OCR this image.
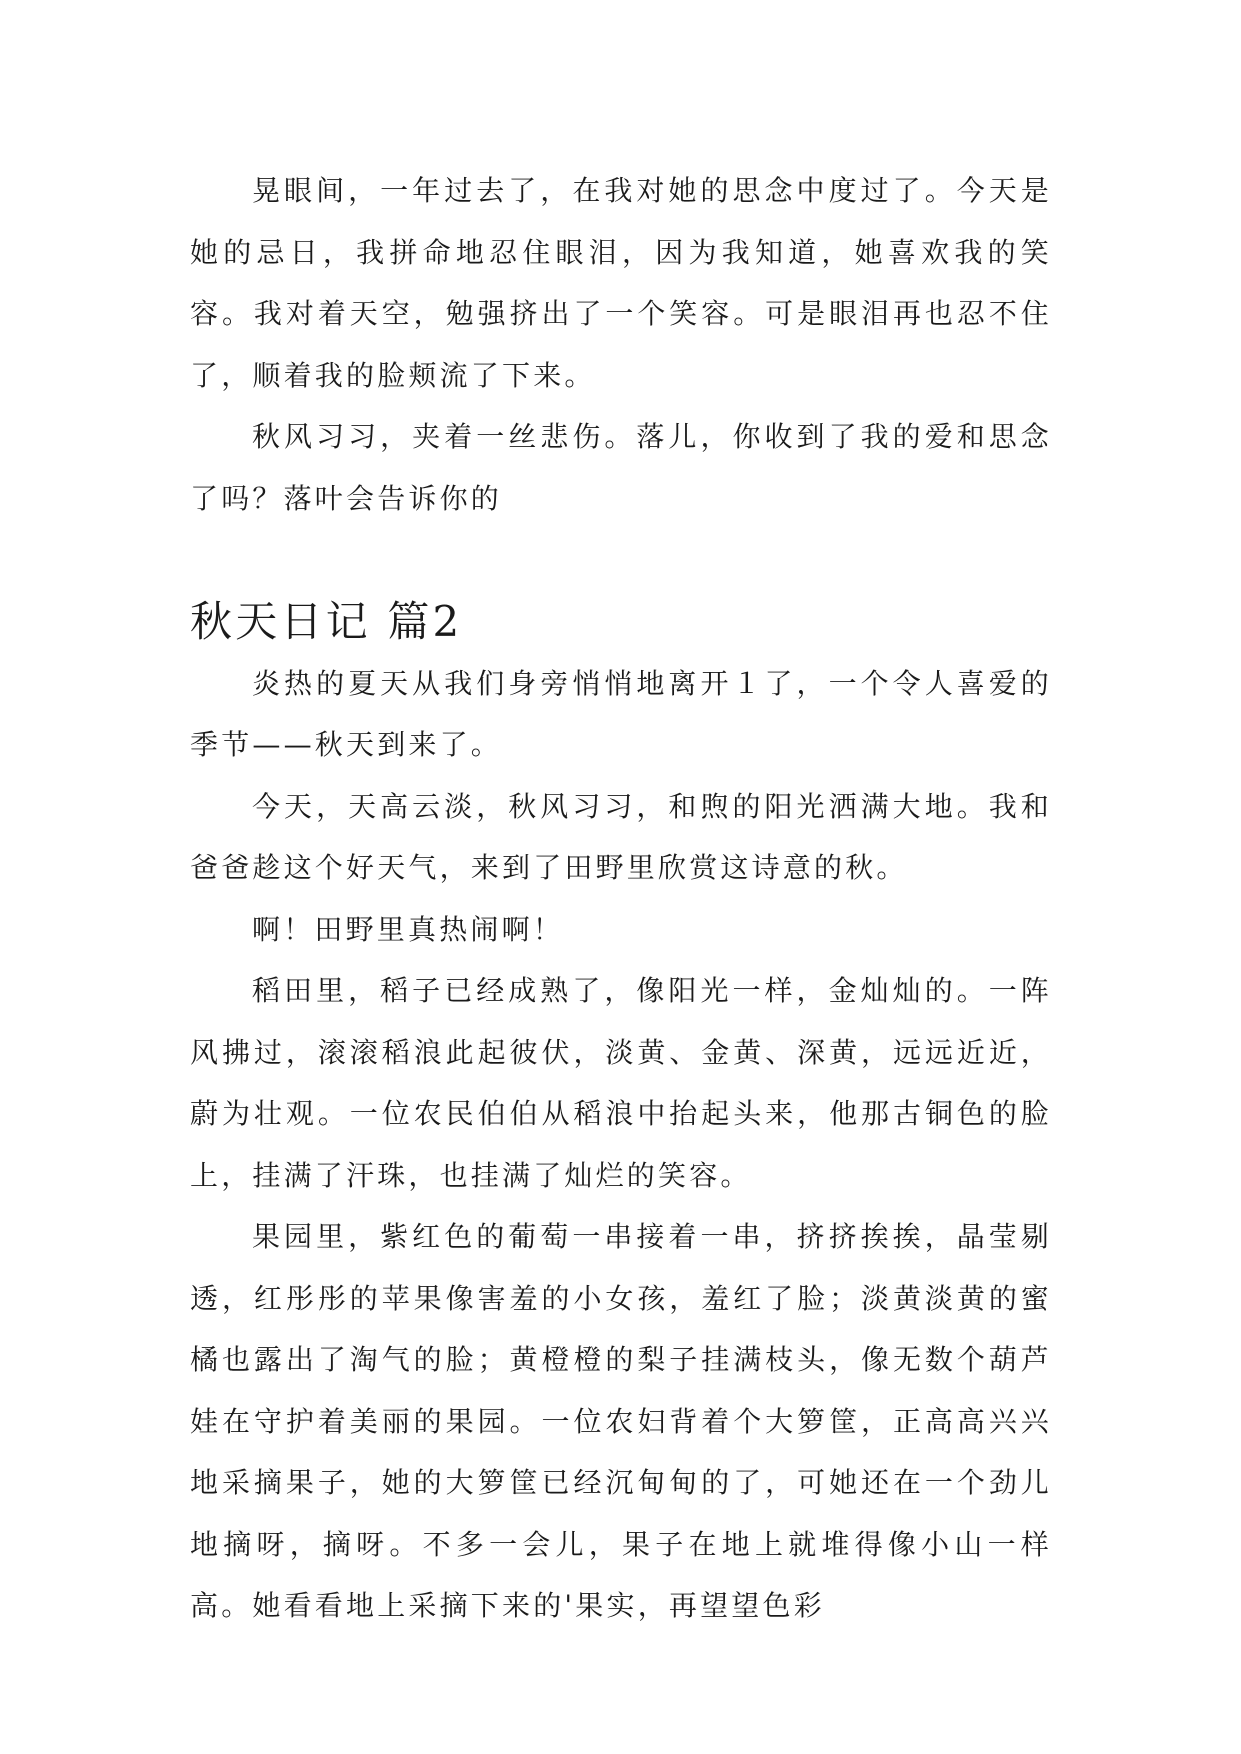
晃眼间，一年过去了，在我对她的思念中度过了。今天是她的忌日，我拼命地忍住眼泪，因为我知道，她喜欢我的笑容。我对着天空，勉强挤出了一个笑容。可是眼泪再也忍不住了，顺着我的脸颊流了下来。

秋风习习，夹着一丝悲伤。落儿，你收到了我的爱和思念了吗？落叶会告诉你的

秋天日记 篇2

炎热的夏天从我们身旁悄悄地离开１了，一个令人喜爱的季节——秋天到来了。

今天，天高云淡，秋风习习，和煦的阳光洒满大地。我和爸爸趁这个好天气，来到了田野里欣赏这诗意的秋。

啊！田野里真热闹啊！

稻田里，稻子已经成熟了，像阳光一样，金灿灿的。一阵风拂过，滚滚稻浪此起彼伏，淡黄、金黄、深黄，远远近近，蔚为壮观。一位农民伯伯从稻浪中抬起头来，他那古铜色的脸上，挂满了汗珠，也挂满了灿烂的笑容。

果园里，紫红色的葡萄一串接着一串，挤挤挨挨，晶莹剔透，红彤彤的苹果像害羞的小女孩，羞红了脸；淡黄淡黄的蜜橘也露出了淘气的脸；黄橙橙的梨子挂满枝头，像无数个葫芦娃在守护着美丽的果园。一位农妇背着个大箩筐，正高高兴兴地采摘果子，她的大箩筐已经沉甸甸的了，可她还在一个劲儿地摘呀，摘呀。不多一会儿，果子在地上就堆得像小山一样高。她看看地上采摘下来的'果实，再望望色彩
